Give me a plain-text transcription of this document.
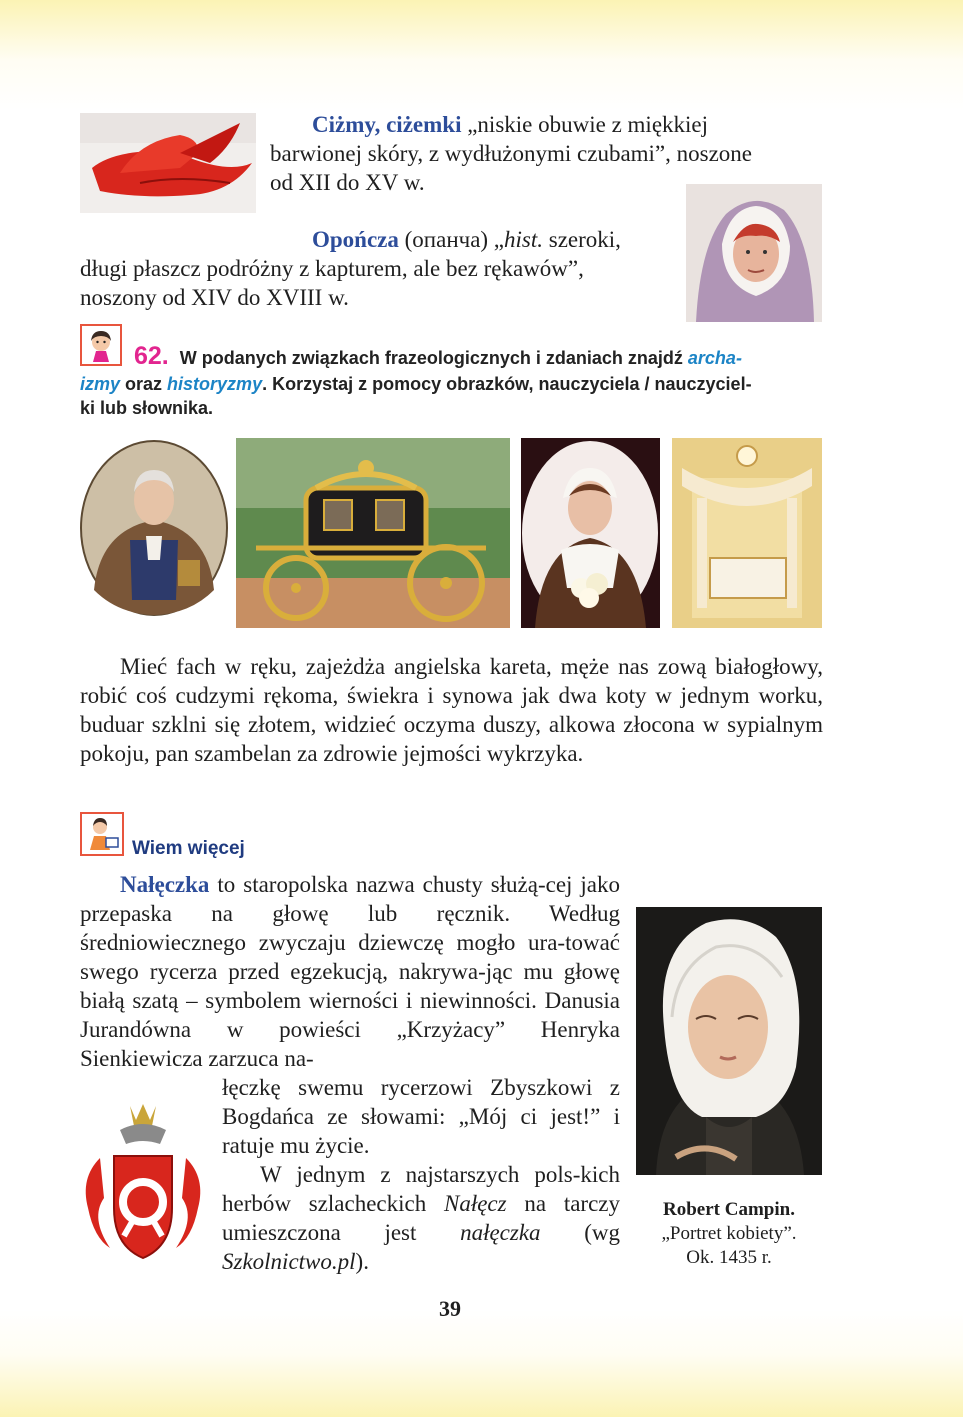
Ciżmy, ciżemki „niskie obuwie z miękkiej
barwionej skóry, z wydłużonymi czubami”, noszone
od XII do XV w.
Opończa (опанча) „hist. szeroki,
długi płaszcz podróżny z kapturem, ale bez rękawów”,
noszony od XIV do XVIII w.
62. W podanych związkach frazeologicznych i zdaniach znajdź archa-
izmy oraz historyzmy. Korzystaj z pomocy obrazków, nauczyciela / nauczyciel-
ki lub słownika.
Mieć fach w ręku, zajeżdża angielska kareta, męże nas zową białogłowy, robić coś cudzymi rękoma, świekra i synowa jak dwa koty w jednym worku, buduar szklni się złotem, widzieć oczyma duszy, alkowa złocona w sypialnym pokoju, pan szambelan za zdrowie jejmości wykrzyka.
Wiem więcej
Nałęczka to staropolska nazwa chusty służą-cej jako przepaska na głowę lub ręcznik. Według średniowiecznego zwyczaju dziewczę mogło ura-tować swego rycerza przed egzekucją, nakrywa-jąc mu głowę białą szatą – symbolem wierności i niewinności. Danusia Jurandówna w powieści „Krzyżacy” Henryka Sienkiewicza zarzuca na-
łęczkę swemu rycerzowi Zbyszkowi z Bogdańca ze słowami: „Mój ci jest!” i ratuje mu życie.
W jednym z najstarszych pols-kich herbów szlacheckich Nałęcz na tarczy umieszczona jest nałęczka (wg Szkolnictwo.pl).
Robert Campin.
„Portret kobiety”.
Ok. 1435 r.
39
